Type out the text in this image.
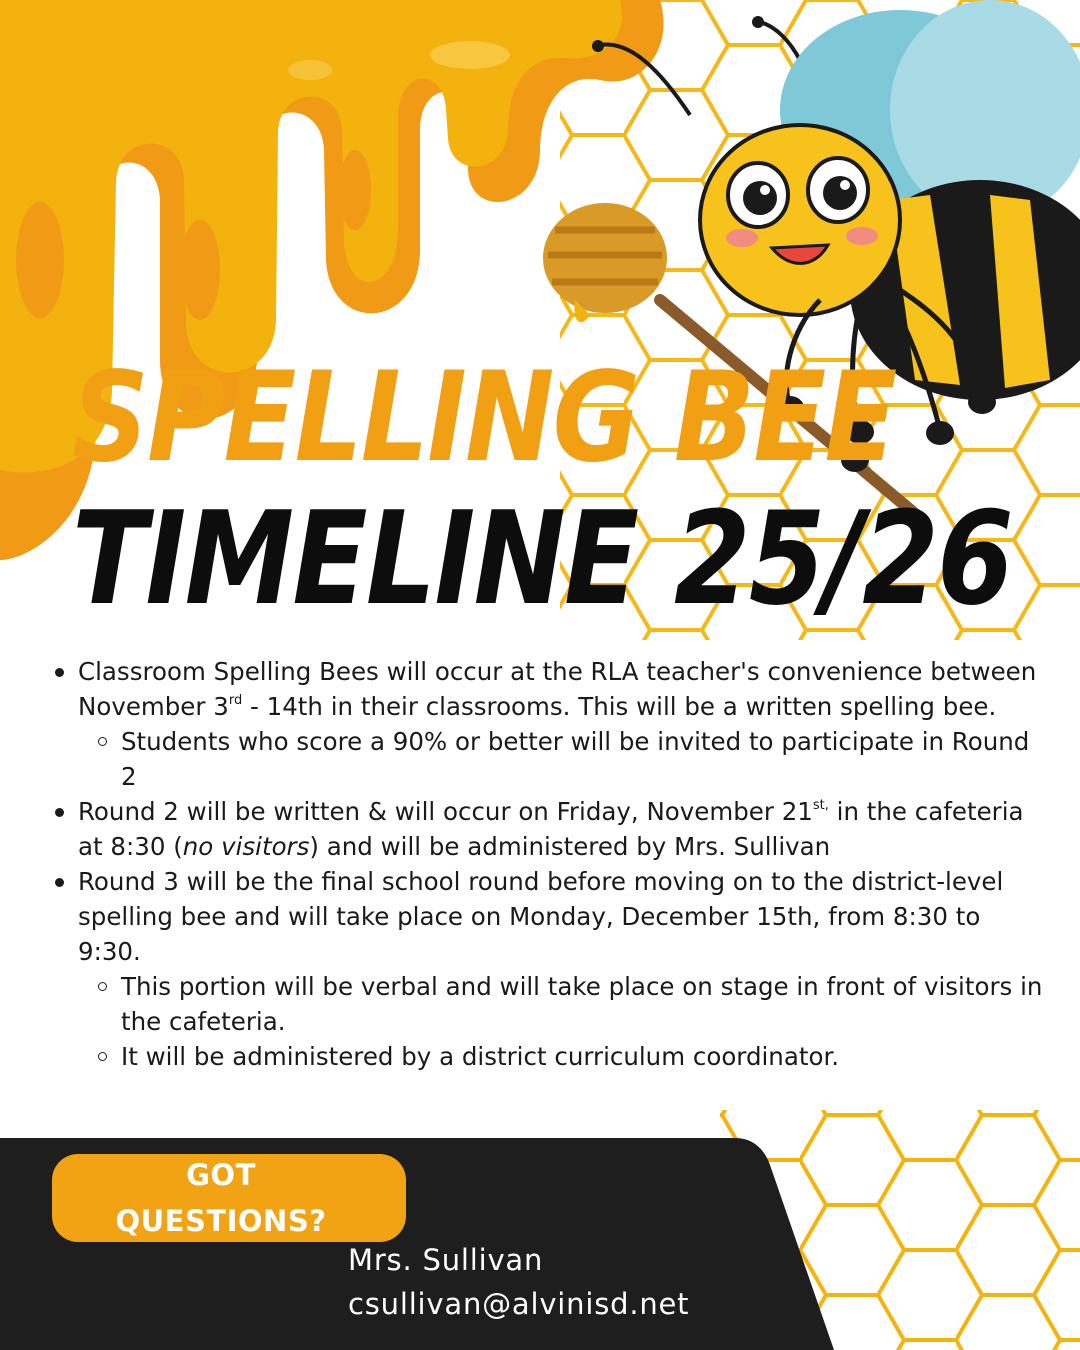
SPELLING BEE
TIMELINE 25/26
Classroom Spelling Bees will occur at the RLA teacher's convenience between November 3rd - 14th in their classrooms. This will be a written spelling bee.
Students who score a 90% or better will be invited to participate in Round 2
Round 2 will be written & will occur on Friday, November $21^{st,}$ in the cafeteria at 8:30 (no visitors) and will be administered by Mrs. Sullivan
Round 3 will be the final school round before moving on to the district-level spelling bee and will take place on Monday, December 15th, from 8:30 to 9:30.
This portion will be verbal and will take place on stage in front of visitors in the cafeteria.
It will be administered by a district curriculum coordinator.
GOT
QUESTIONS?
Mrs. Sullivan
csullivan@alvinisd.net
